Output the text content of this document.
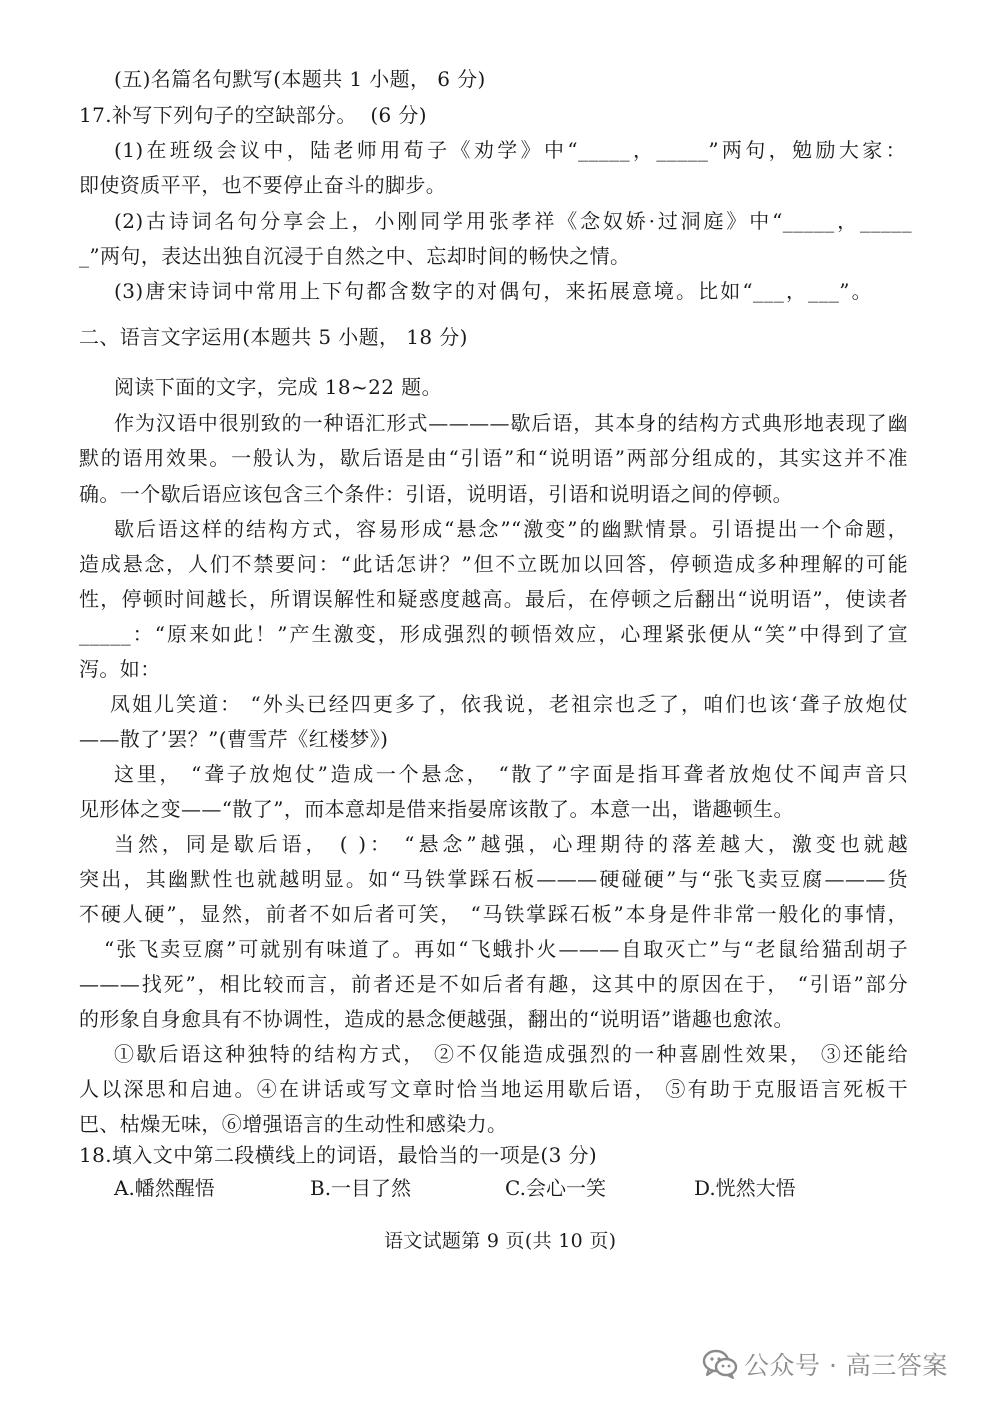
(五)名篇名句默写(本题共 1 小题， 6 分)
17.补写下列句子的空缺部分。  (6 分)
(1)在班级会议中，陆老师用荀子《劝学》中“_____，_____”两句，勉励大家：
即使资质平平，也不要停止奋斗的脚步。
(2)古诗词名句分享会上，小刚同学用张孝祥《念奴娇·过洞庭》中“_____，_____
_”两句，表达出独自沉浸于自然之中、忘却时间的畅快之情。
(3)唐宋诗词中常用上下句都含数字的对偶句，来拓展意境。比如“___，___”。
二、语言文字运用(本题共 5 小题， 18 分)
阅读下面的文字，完成 18~22 题。
作为汉语中很别致的一种语汇形式————歇后语，其本身的结构方式典形地表现了幽
默的语用效果。一般认为，歇后语是由“引语”和“说明语”两部分组成的，其实这并不准
确。一个歇后语应该包含三个条件：引语，说明语，引语和说明语之间的停顿。
歇后语这样的结构方式，容易形成“悬念”“激变”的幽默情景。引语提出一个命题，
造成悬念，人们不禁要问：“此话怎讲？”但不立既加以回答，停顿造成多种理解的可能
性，停顿时间越长，所谓误解性和疑惑度越高。最后，在停顿之后翻出“说明语”，使读者
_____：“原来如此！”产生激变，形成强烈的顿悟效应，心理紧张便从“笑”中得到了宣
泻。如：
凤姐儿笑道： “外头已经四更多了，依我说，老祖宗也乏了，咱们也该‘聋子放炮仗
——散了’罢？”(曹雪芹《红楼梦》)
这里， “聋子放炮仗”造成一个悬念， “散了”字面是指耳聋者放炮仗不闻声音只
见形体之变——“散了”，而本意却是借来指晏席该散了。本意一出，谐趣顿生。
当然，同是歇后语， ( )： “悬念”越强，心理期待的落差越大，激变也就越
突出，其幽默性也就越明显。如“马铁掌踩石板———硬碰硬”与“张飞卖豆腐———货
不硬人硬”，显然，前者不如后者可笑， “马铁掌踩石板”本身是件非常一般化的事情，
“张飞卖豆腐”可就别有味道了。再如“飞蛾扑火———自取灭亡”与“老鼠给猫刮胡子
———找死”，相比较而言，前者还是不如后者有趣，这其中的原因在于， “引语”部分
的形象自身愈具有不协调性，造成的悬念便越强，翻出的“说明语”谐趣也愈浓。
①歇后语这种独特的结构方式， ②不仅能造成强烈的一种喜剧性效果， ③还能给
人以深思和启迪。④在讲话或写文章时恰当地运用歇后语， ⑤有助于克服语言死板干
巴、枯燥无味，⑥增强语言的生动性和感染力。
18.填入文中第二段横线上的词语，最恰当的一项是(3 分)
A.幡然醒悟	B.一目了然	C.会心一笑	D.恍然大悟
语文试题第 9 页(共 10 页)
公众号 · 高三答案
